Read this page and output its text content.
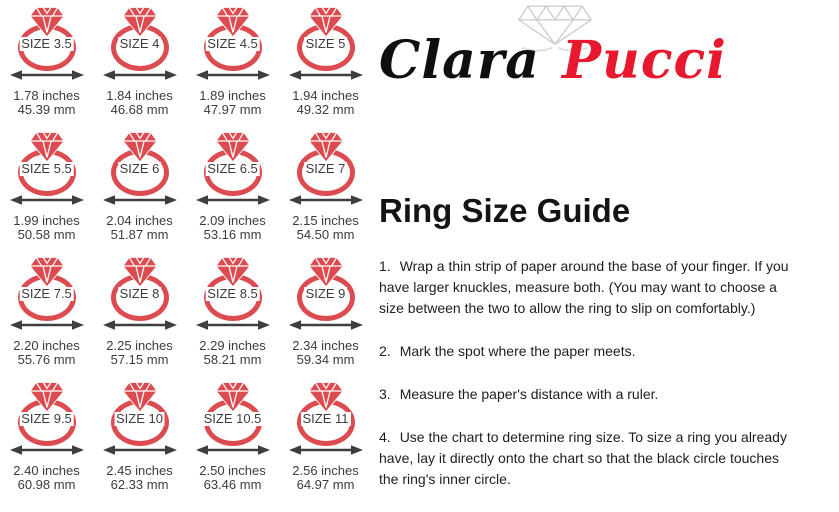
SIZE 3.5
1.78 inches
45.39 mm
SIZE 4
1.84 inches
46.68 mm
SIZE 4.5
1.89 inches
47.97 mm
SIZE 5
1.94 inches
49.32 mm
SIZE 5.5
1.99 inches
50.58 mm
SIZE 6
2.04 inches
51.87 mm
SIZE 6.5
2.09 inches
53.16 mm
SIZE 7
2.15 inches
54.50 mm
SIZE 7.5
2.20 inches
55.76 mm
SIZE 8
2.25 inches
57.15 mm
SIZE 8.5
2.29 inches
58.21 mm
SIZE 9
2.34 inches
59.34 mm
SIZE 9.5
2.40 inches
60.98 mm
SIZE 10
2.45 inches
62.33 mm
SIZE 10.5
2.50 inches
63.46 mm
SIZE 11
2.56 inches
64.97 mm
Clara Pucci
Ring Size Guide

1. Wrap a thin strip of paper around the base of your finger. If you
have larger knuckles, measure both. (You may want to choose a
size between the two to allow the ring to slip on comfortably.)

2. Mark the spot where the paper meets.

3. Measure the paper's distance with a ruler.

4. Use the chart to determine ring size. To size a ring you already
have, lay it directly onto the chart so that the black circle touches
the ring's inner circle.
